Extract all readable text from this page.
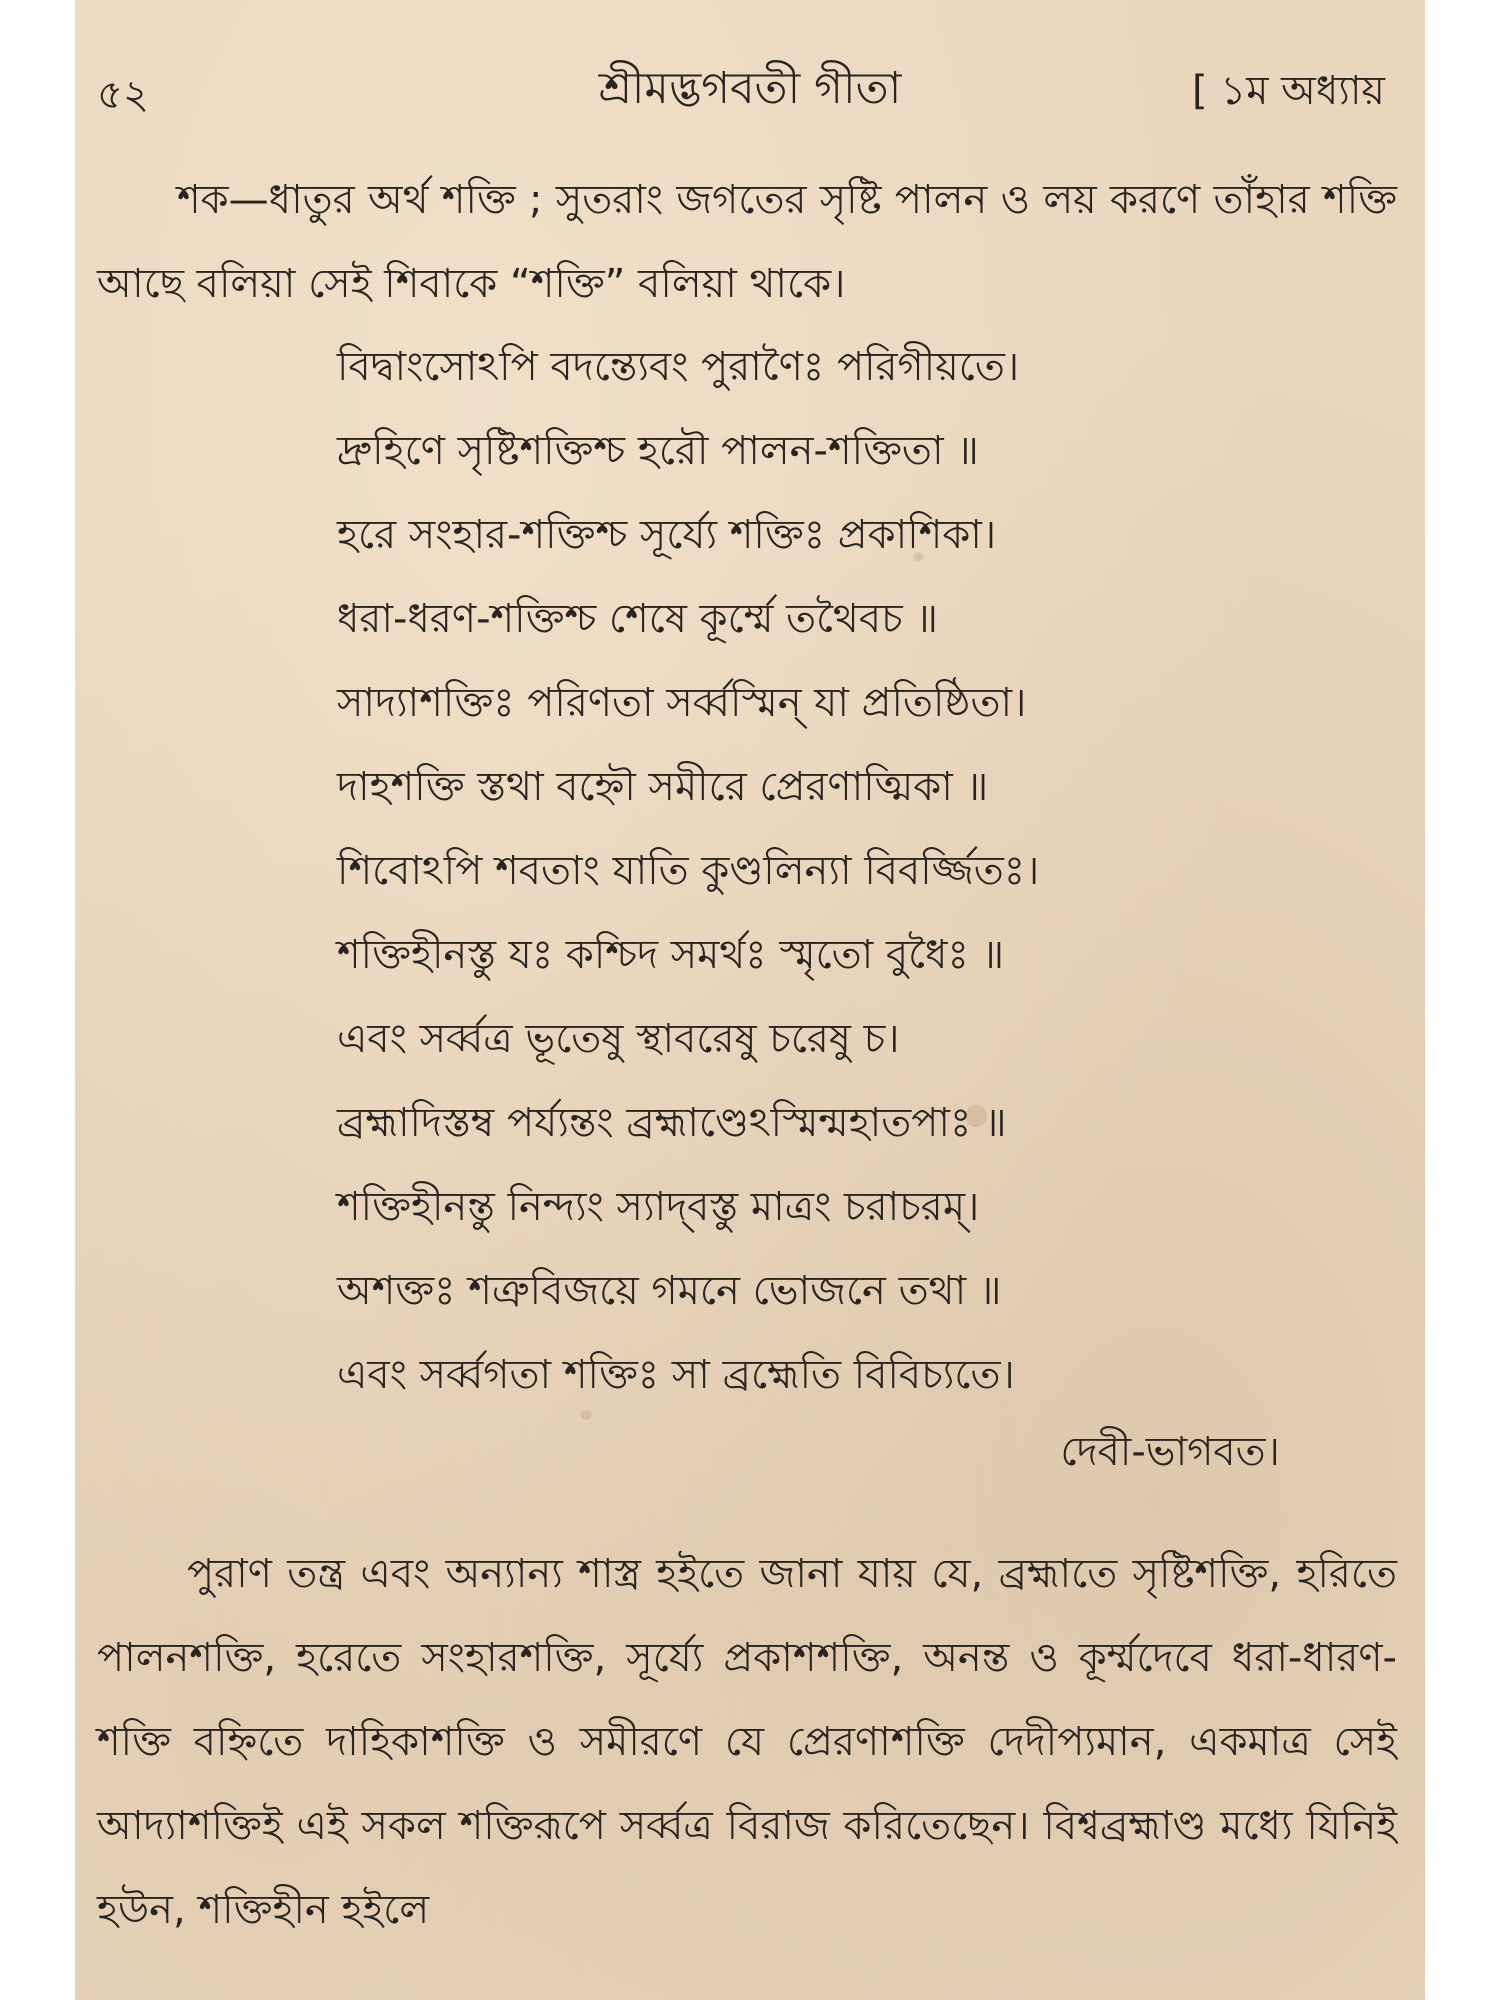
৫২	শ্রীমদ্ভগবতী গীতা	[ ১ম অধ্যায়

শক—ধাতুর অর্থ শক্তি ; সুতরাং জগতের সৃষ্টি পালন ও লয় করণে তাঁহার শক্তি আছে বলিয়া সেই শিবাকে “শক্তি” বলিয়া থাকে।

বিদ্বাংসোঽপি বদন্ত্যেবং পুরাণৈঃ পরিগীয়তে।
দ্রুহিণে সৃষ্টিশক্তিশ্চ হরৌ পালন-শক্তিতা ॥
হরে সংহার-শক্তিশ্চ সূর্য্যে শক্তিঃ প্রকাশিকা।
ধরা-ধরণ-শক্তিশ্চ শেষে কূর্ম্মে তথৈবচ ॥
সাদ্যাশক্তিঃ পরিণতা সর্ব্বস্মিন্ যা প্রতিষ্ঠিতা।
দাহশক্তি স্তথা বহ্নৌ সমীরে প্রেরণাত্মিকা ॥
শিবোঽপি শবতাং যাতি কুণ্ডলিন্যা বিবর্জ্জিতঃ।
শক্তিহীনস্তু যঃ কশ্চিদ সমর্থঃ স্মৃতো বুধৈঃ ॥
এবং সর্ব্বত্র ভূতেষু স্থাবরেষু চরেষু চ।
ব্রহ্মাদিস্তম্ব পর্য্যন্তং ব্রহ্মাণ্ডেঽস্মিন্মহাতপাঃ ॥
শক্তিহীনন্তু নিন্দ্যং স্যাদ্‌বস্তু মাত্রং চরাচরম্।
অশক্তঃ শত্রুবিজয়ে গমনে ভোজনে তথা ॥
এবং সর্ব্বগতা শক্তিঃ সা ব্রহ্মেতি বিবিচ্যতে।
দেবী-ভাগবত।

পুরাণ তন্ত্র এবং অন্যান্য শাস্ত্র হইতে জানা যায় যে, ব্রহ্মাতে সৃষ্টিশক্তি, হরিতে পালনশক্তি, হরেতে সংহারশক্তি, সূর্য্যে প্রকাশশক্তি, অনন্ত ও কূর্ম্মদেবে ধরা-ধারণ-শক্তি বহ্নিতে দাহিকাশক্তি ও সমীরণে যে প্রেরণাশক্তি দেদীপ্যমান, একমাত্র সেই আদ্যাশক্তিই এই সকল শক্তিরূপে সর্ব্বত্র বিরাজ করিতেছেন। বিশ্বব্রহ্মাণ্ড মধ্যে যিনিই হউন, শক্তিহীন হইলে
